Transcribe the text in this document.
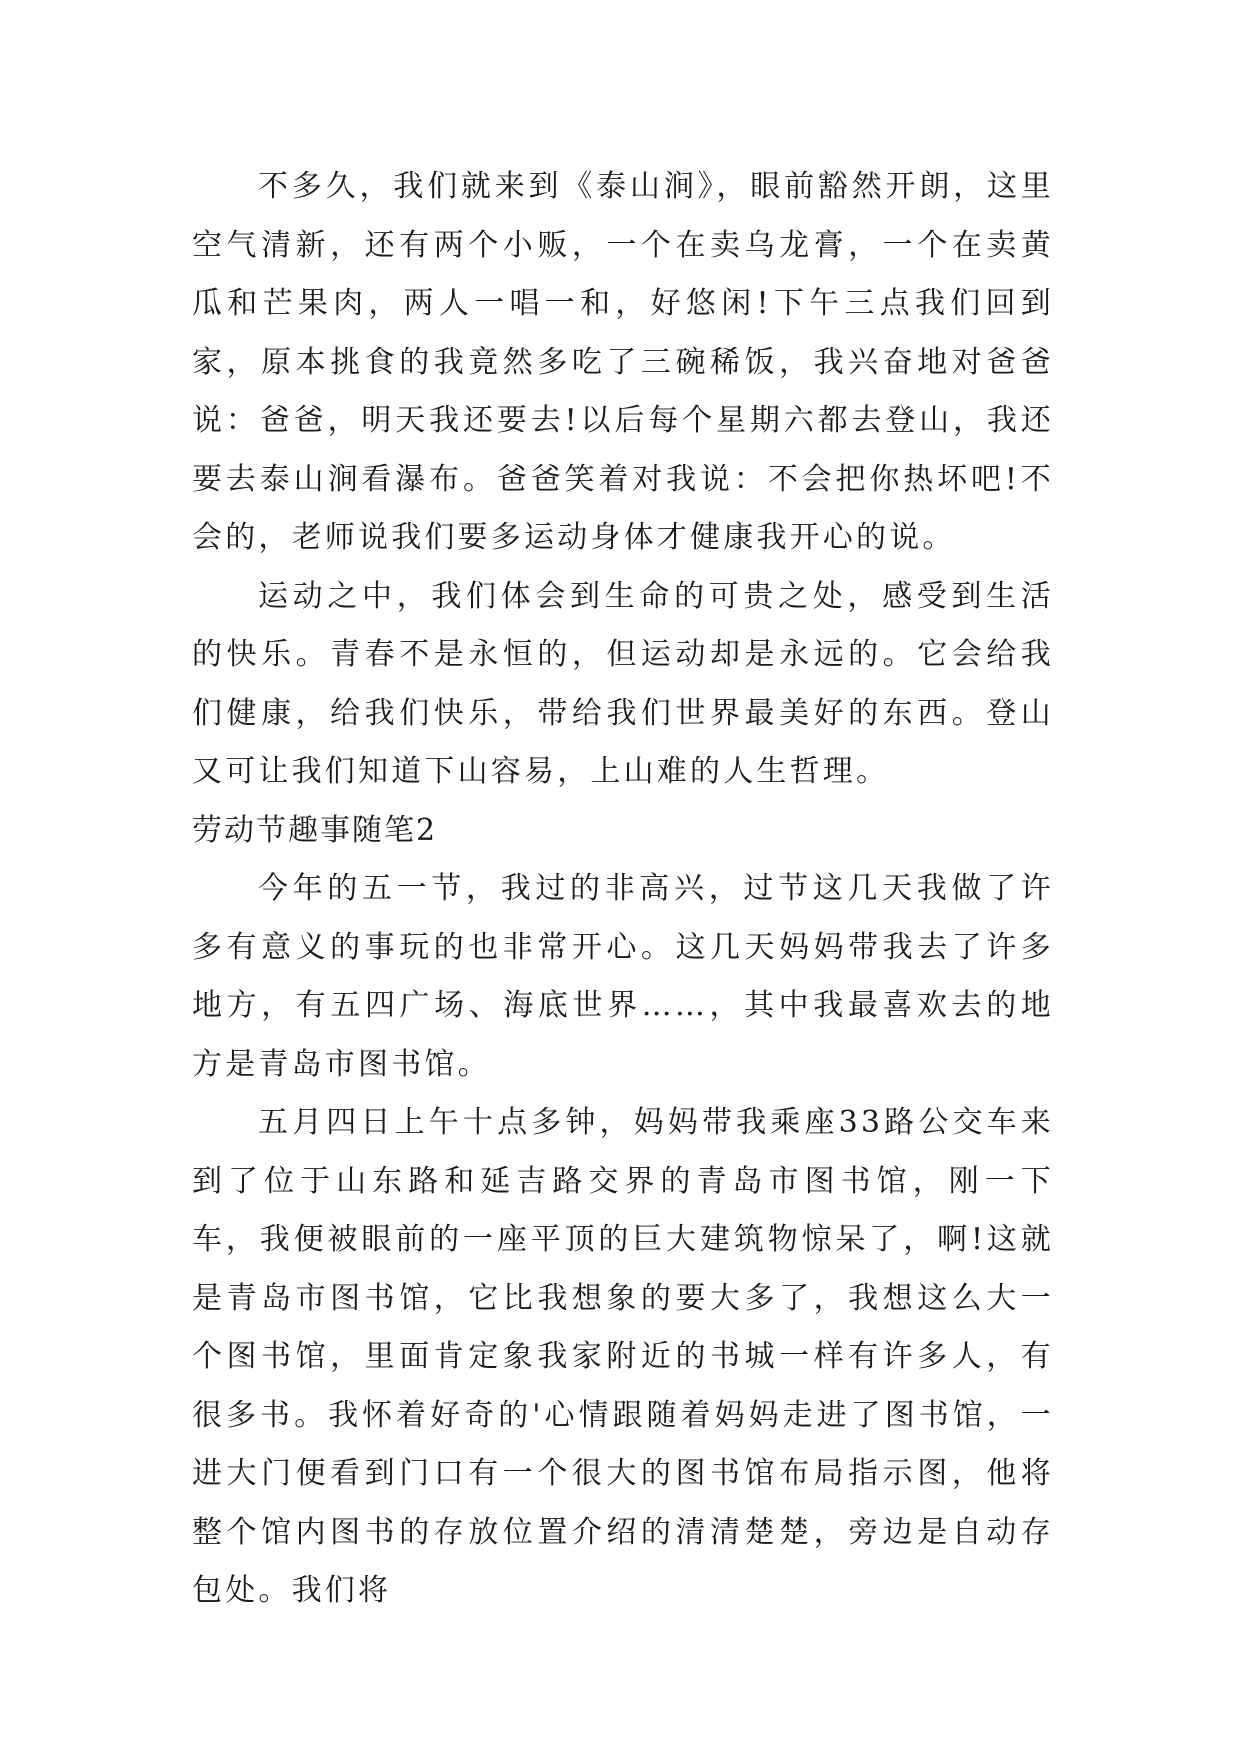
不多久，我们就来到《泰山涧》，眼前豁然开朗，这里空气清新，还有两个小贩，一个在卖乌龙膏，一个在卖黄瓜和芒果肉，两人一唱一和，好悠闲!下午三点我们回到家，原本挑食的我竟然多吃了三碗稀饭，我兴奋地对爸爸说：爸爸，明天我还要去!以后每个星期六都去登山，我还要去泰山涧看瀑布。爸爸笑着对我说：不会把你热坏吧!不会的，老师说我们要多运动身体才健康我开心的说。

运动之中，我们体会到生命的可贵之处，感受到生活的快乐。青春不是永恒的，但运动却是永远的。它会给我们健康，给我们快乐，带给我们世界最美好的东西。登山又可让我们知道下山容易，上山难的人生哲理。

劳动节趣事随笔2

今年的五一节，我过的非高兴，过节这几天我做了许多有意义的事玩的也非常开心。这几天妈妈带我去了许多地方，有五四广场、海底世界……，其中我最喜欢去的地方是青岛市图书馆。

五月四日上午十点多钟，妈妈带我乘座33路公交车来到了位于山东路和延吉路交界的青岛市图书馆，刚一下车，我便被眼前的一座平顶的巨大建筑物惊呆了，啊!这就是青岛市图书馆，它比我想象的要大多了，我想这么大一个图书馆，里面肯定象我家附近的书城一样有许多人，有很多书。我怀着好奇的'心情跟随着妈妈走进了图书馆，一进大门便看到门口有一个很大的图书馆布局指示图，他将整个馆内图书的存放位置介绍的清清楚楚，旁边是自动存包处。我们将
